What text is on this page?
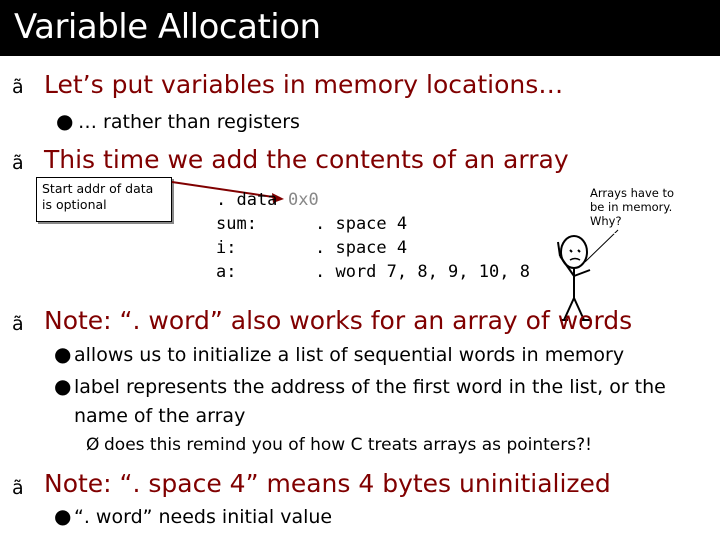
Variable Allocation
ã Let’s put variables in memory locations…
● … rather than registers
ã This time we add the contents of an array
Start addr of data
is optional	. data 0x0
sum:	. space 4
i:	. space 4
a:	. word 7, 8, 9, 10, 8
Arrays have to
be in memory.
Why?
ã Note: “. word” also works for an array of words
● allows us to initialize a list of sequential words in memory
● label represents the address of the first word in the list, or the
name of the array
Ø does this remind you of how C treats arrays as pointers?!
ã Note: “. space 4” means 4 bytes uninitialized
● “. word” needs initial value
